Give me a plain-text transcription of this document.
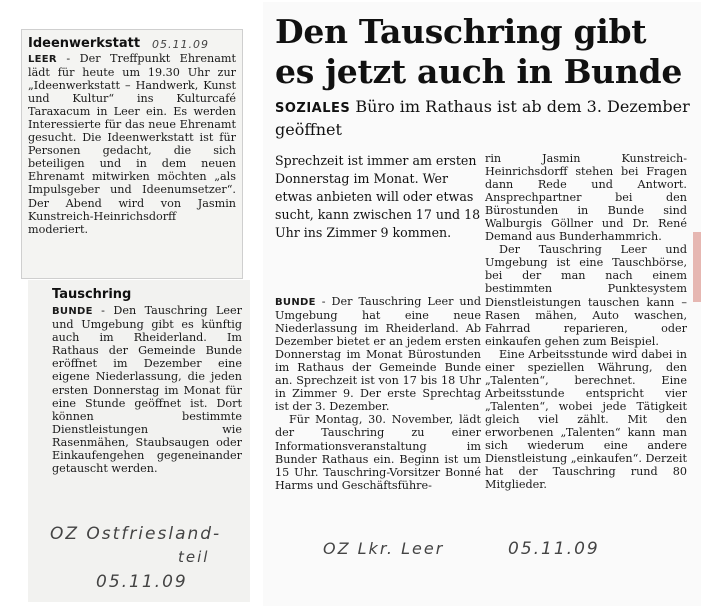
Ideenwerkstatt 05.11.09

LEER - Der Treffpunkt Ehrenamt lädt für heute um 19.30 Uhr zur „Ideenwerkstatt – Handwerk, Kunst und Kultur“ ins Kulturcafé Taraxacum in Leer ein. Es werden Interessierte für das neue Ehrenamt gesucht. Die Ideenwerkstatt ist für Personen gedacht, die sich beteiligen und in dem neuen Ehrenamt mitwirken möchten „als Impulsgeber und Ideenumsetzer“. Der Abend wird von Jasmin Kunstreich-Heinrichsdorff moderiert.

Tauschring

BUNDE - Den Tauschring Leer und Umgebung gibt es künftig auch im Rheiderland. Im Rathaus der Gemeinde Bunde eröffnet im Dezember eine eigene Niederlassung, die jeden ersten Donnerstag im Monat für eine Stunde geöffnet ist. Dort können bestimmte Dienstleistungen wie Rasenmähen, Staubsaugen oder Einkaufengehen gegeneinander getauscht werden.

OZ Ostfriesland-
teil
05.11.09
Den Tauschring gibt es jetzt auch in Bunde
SOZIALES Büro im Rathaus ist ab dem 3. Dezember geöffnet

Sprechzeit ist immer am ersten Donnerstag im Monat. Wer etwas anbieten will oder etwas sucht, kann zwischen 17 und 18 Uhr ins Zimmer 9 kommen.

BUNDE - Der Tauschring Leer und Umgebung hat eine neue Niederlassung im Rheiderland. Ab Dezember bietet er an jedem ersten Donnerstag im Monat Bürostunden im Rathaus der Gemeinde Bunde an. Sprechzeit ist von 17 bis 18 Uhr in Zimmer 9. Der erste Sprechtag ist der 3. Dezember.

Für Montag, 30. November, lädt der Tauschring zu einer Informationsveranstaltung im Bunder Rathaus ein. Beginn ist um 15 Uhr. Tauschring-Vorsitzer Bonné Harms und Geschäftsführe-

rin Jasmin Kunstreich-Heinrichsdorff stehen bei Fragen dann Rede und Antwort. Ansprechpartner bei den Bürostunden in Bunde sind Walburgis Göllner und Dr. René Demand aus Bunderhammrich.

Der Tauschring Leer und Umgebung ist eine Tauschbörse, bei der man nach einem bestimmten Punktesystem Dienstleistungen tauschen kann – Rasen mähen, Auto waschen, Fahrrad reparieren, oder einkaufen gehen zum Beispiel.

Eine Arbeitsstunde wird dabei in einer speziellen Währung, den „Talenten“, berechnet. Eine Arbeitsstunde entspricht vier „Talenten“, wobei jede Tätigkeit gleich viel zählt. Mit den erworbenen „Talenten“ kann man sich wiederum eine andere Dienstleistung „einkaufen“. Derzeit hat der Tauschring rund 80 Mitglieder.

OZ Lkr. Leer	05.11.09
